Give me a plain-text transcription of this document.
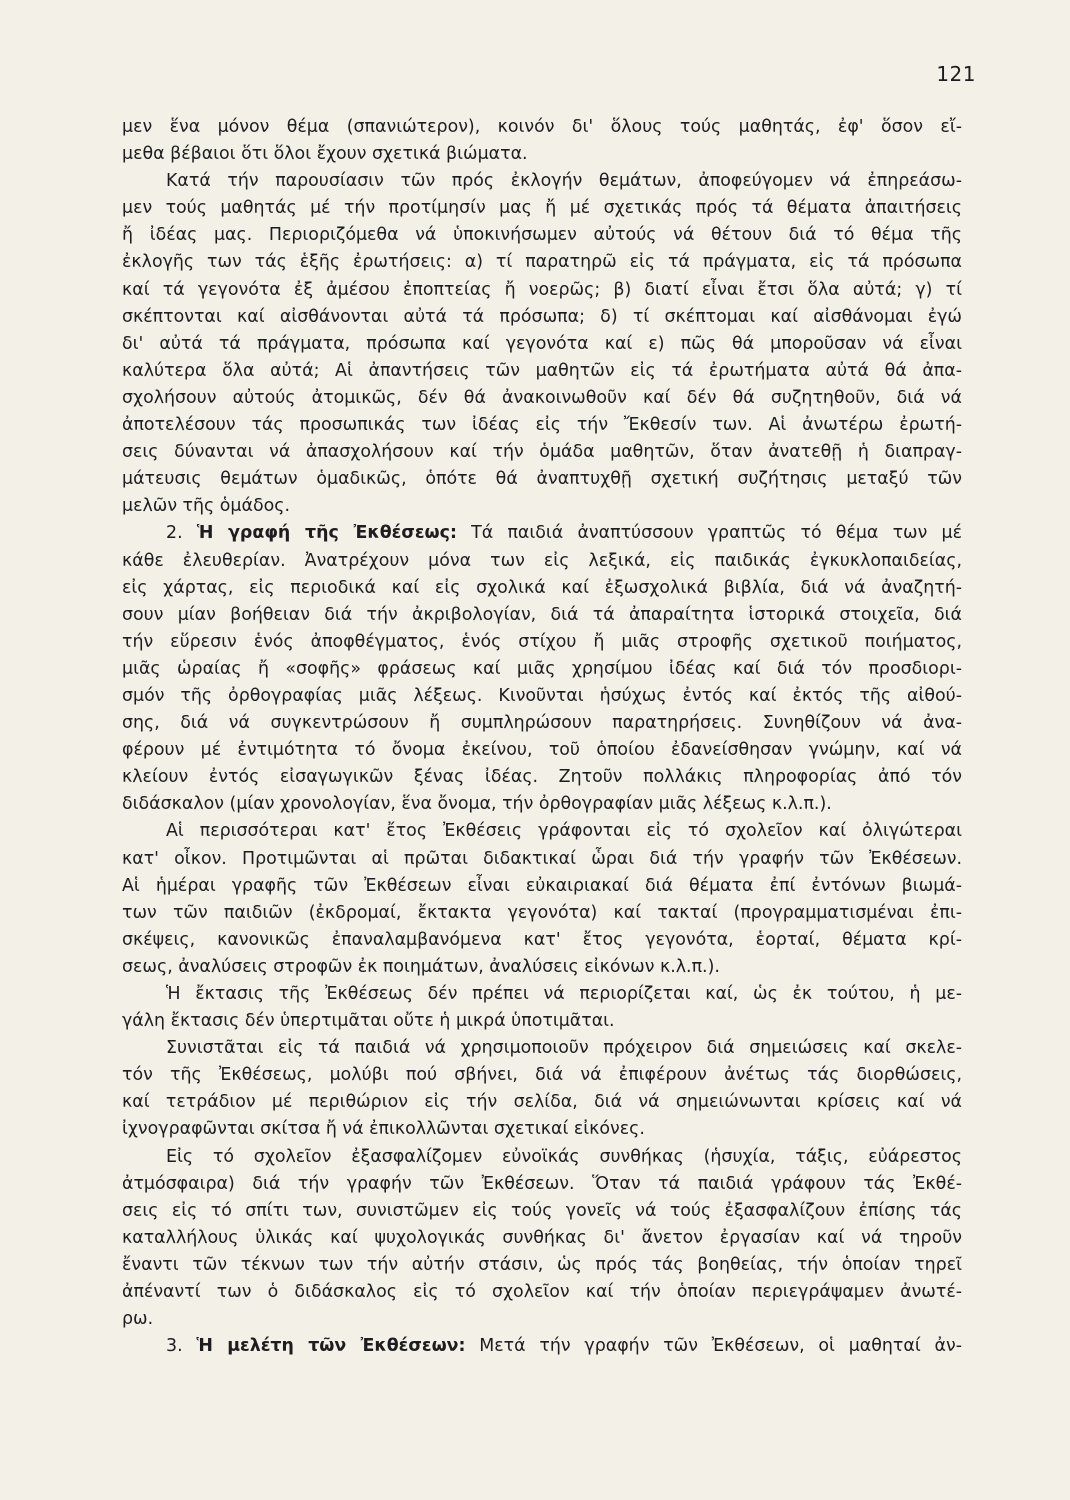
121
μεν ἕνα μόνον θέμα (σπανιώτερον), κοινόν δι' ὅλους τούς μαθητάς, ἐφ' ὅσον εἴ-
μεθα βέβαιοι ὅτι ὅλοι ἔχουν σχετικά βιώματα.
Κατά τήν παρουσίασιν τῶν πρός ἐκλογήν θεμάτων, ἀποφεύγομεν νά ἐπηρεάσω-
μεν τούς μαθητάς μέ τήν προτίμησίν μας ἤ μέ σχετικάς πρός τά θέματα ἀπαιτήσεις
ἤ ἰδέας μας. Περιοριζόμεθα νά ὑποκινήσωμεν αὐτούς νά θέτουν διά τό θέμα τῆς
ἐκλογῆς των τάς ἑξῆς ἐρωτήσεις: α) τί παρατηρῶ εἰς τά πράγματα, εἰς τά πρόσωπα
καί τά γεγονότα ἐξ ἀμέσου ἐποπτείας ἤ νοερῶς; β) διατί εἶναι ἔτσι ὅλα αὐτά; γ) τί
σκέπτονται καί αἰσθάνονται αὐτά τά πρόσωπα; δ) τί σκέπτομαι καί αἰσθάνομαι ἐγώ
δι' αὐτά τά πράγματα, πρόσωπα καί γεγονότα καί ε) πῶς θά μποροῦσαν νά εἶναι
καλύτερα ὅλα αὐτά; Αἱ ἀπαντήσεις τῶν μαθητῶν εἰς τά ἐρωτήματα αὐτά θά ἀπα-
σχολήσουν αὐτούς ἀτομικῶς, δέν θά ἀνακοινωθοῦν καί δέν θά συζητηθοῦν, διά νά
ἀποτελέσουν τάς προσωπικάς των ἰδέας εἰς τήν Ἔκθεσίν των. Αἱ ἀνωτέρω ἐρωτή-
σεις δύνανται νά ἀπασχολήσουν καί τήν ὁμάδα μαθητῶν, ὅταν ἀνατεθῇ ἡ διαπραγ-
μάτευσις θεμάτων ὁμαδικῶς, ὁπότε θά ἀναπτυχθῇ σχετική συζήτησις μεταξύ τῶν
μελῶν τῆς ὁμάδος.
2. Ἡ γραφή τῆς Ἐκθέσεως: Τά παιδιά ἀναπτύσσουν γραπτῶς τό θέμα των μέ
κάθε ἐλευθερίαν. Ἀνατρέχουν μόνα των εἰς λεξικά, εἰς παιδικάς ἐγκυκλοπαιδείας,
εἰς χάρτας, εἰς περιοδικά καί εἰς σχολικά καί ἐξωσχολικά βιβλία, διά νά ἀναζητή-
σουν μίαν βοήθειαν διά τήν ἀκριβολογίαν, διά τά ἀπαραίτητα ἱστορικά στοιχεῖα, διά
τήν εὕρεσιν ἑνός ἀποφθέγματος, ἑνός στίχου ἤ μιᾶς στροφῆς σχετικοῦ ποιήματος,
μιᾶς ὡραίας ἤ «σοφῆς» φράσεως καί μιᾶς χρησίμου ἰδέας καί διά τόν προσδιορι-
σμόν τῆς ὀρθογραφίας μιᾶς λέξεως. Κινοῦνται ἡσύχως ἐντός καί ἐκτός τῆς αἰθού-
σης, διά νά συγκεντρώσουν ἤ συμπληρώσουν παρατηρήσεις. Συνηθίζουν νά ἀνα-
φέρουν μέ ἐντιμότητα τό ὄνομα ἐκείνου, τοῦ ὁποίου ἐδανείσθησαν γνώμην, καί νά
κλείουν ἐντός εἰσαγωγικῶν ξένας ἰδέας. Ζητοῦν πολλάκις πληροφορίας ἀπό τόν
διδάσκαλον (μίαν χρονολογίαν, ἕνα ὄνομα, τήν ὀρθογραφίαν μιᾶς λέξεως κ.λ.π.).
Αἱ περισσότεραι κατ' ἔτος Ἐκθέσεις γράφονται εἰς τό σχολεῖον καί ὀλιγώτεραι
κατ' οἶκον. Προτιμῶνται αἱ πρῶται διδακτικαί ὧραι διά τήν γραφήν τῶν Ἐκθέσεων.
Αἱ ἡμέραι γραφῆς τῶν Ἐκθέσεων εἶναι εὐκαιριακαί διά θέματα ἐπί ἐντόνων βιωμά-
των τῶν παιδιῶν (ἐκδρομαί, ἔκτακτα γεγονότα) καί τακταί (προγραμματισμέναι ἐπι-
σκέψεις, κανονικῶς ἐπαναλαμβανόμενα κατ' ἔτος γεγονότα, ἑορταί, θέματα κρί-
σεως, ἀναλύσεις στροφῶν ἐκ ποιημάτων, ἀναλύσεις εἰκόνων κ.λ.π.).
Ἡ ἔκτασις τῆς Ἐκθέσεως δέν πρέπει νά περιορίζεται καί, ὡς ἐκ τούτου, ἡ με-
γάλη ἔκτασις δέν ὑπερτιμᾶται οὔτε ἡ μικρά ὑποτιμᾶται.
Συνιστᾶται εἰς τά παιδιά νά χρησιμοποιοῦν πρόχειρον διά σημειώσεις καί σκελε-
τόν τῆς Ἐκθέσεως, μολύβι πού σβήνει, διά νά ἐπιφέρουν ἀνέτως τάς διορθώσεις,
καί τετράδιον μέ περιθώριον εἰς τήν σελίδα, διά νά σημειώνωνται κρίσεις καί νά
ἰχνογραφῶνται σκίτσα ἤ νά ἐπικολλῶνται σχετικαί εἰκόνες.
Εἰς τό σχολεῖον ἐξασφαλίζομεν εὐνοϊκάς συνθήκας (ἡσυχία, τάξις, εὐάρεστος
ἀτμόσφαιρα) διά τήν γραφήν τῶν Ἐκθέσεων. Ὅταν τά παιδιά γράφουν τάς Ἐκθέ-
σεις εἰς τό σπίτι των, συνιστῶμεν εἰς τούς γονεῖς νά τούς ἐξασφαλίζουν ἐπίσης τάς
καταλλήλους ὑλικάς καί ψυχολογικάς συνθήκας δι' ἄνετον ἐργασίαν καί νά τηροῦν
ἔναντι τῶν τέκνων των τήν αὐτήν στάσιν, ὡς πρός τάς βοηθείας, τήν ὁποίαν τηρεῖ
ἀπέναντί των ὁ διδάσκαλος εἰς τό σχολεῖον καί τήν ὁποίαν περιεγράψαμεν ἀνωτέ-
ρω.
3. Ἡ μελέτη τῶν Ἐκθέσεων: Μετά τήν γραφήν τῶν Ἐκθέσεων, οἱ μαθηταί ἀν-
